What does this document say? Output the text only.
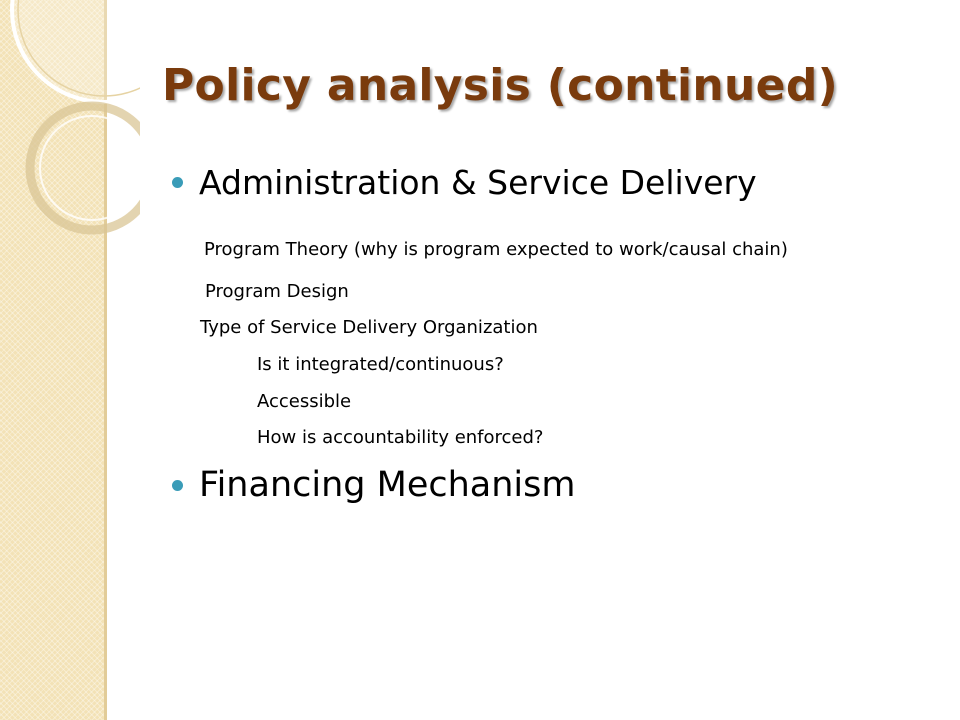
Policy analysis (continued)
Administration & Service Delivery
Program Theory (why is program expected to work/causal chain)
Program Design
Type of Service Delivery Organization
Is it integrated/continuous?
Accessible
How is accountability enforced?
Financing Mechanism
